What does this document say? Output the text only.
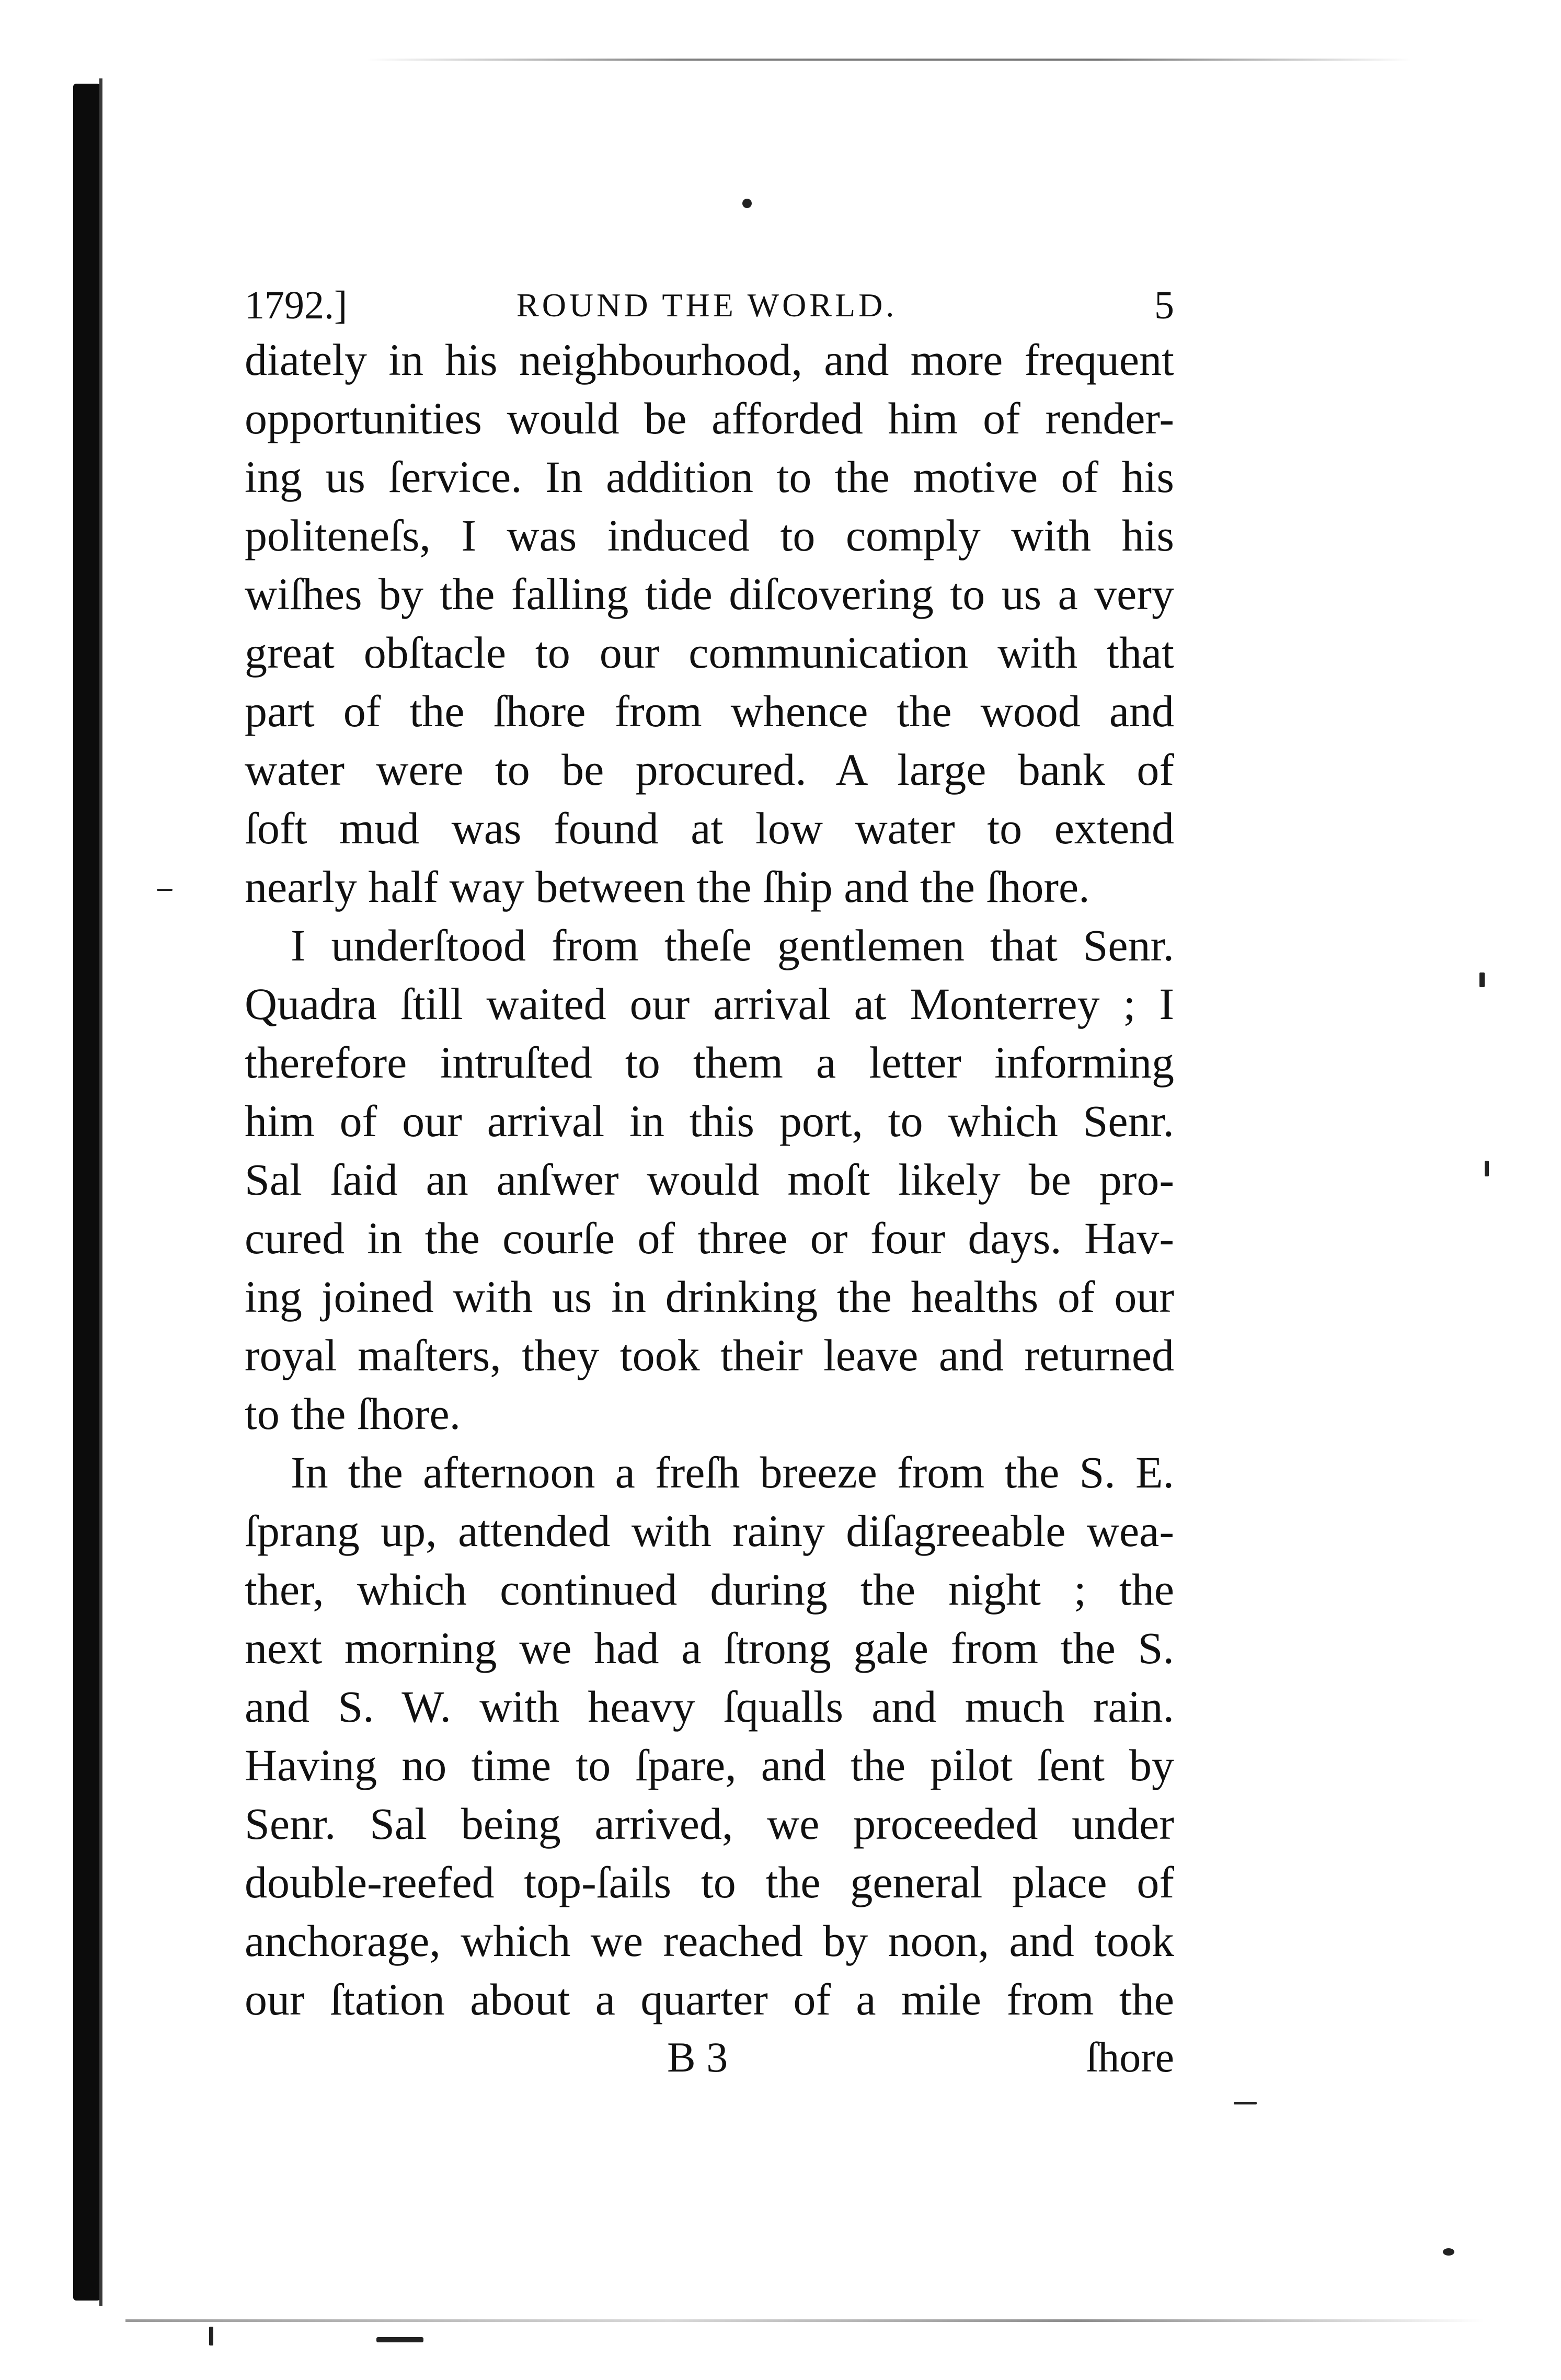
1792.]	ROUND THE WORLD.	5
diately in his neighbourhood, and more frequent
opportunities would be afforded him of render-
ing us ſervice. In addition to the motive of his
politeneſs, I was induced to comply with his
wiſhes by the falling tide diſcovering to us a very
great obſtacle to our communication with that
part of the ſhore from whence the wood and
water were to be procured. A large bank of
ſoft mud was found at low water to extend
nearly half way between the ſhip and the ſhore.
I underſtood from theſe gentlemen that Senr.
Quadra ſtill waited our arrival at Monterrey ; I
therefore intruſted to them a letter informing
him of our arrival in this port, to which Senr.
Sal ſaid an anſwer would moſt likely be pro-
cured in the courſe of three or four days. Hav-
ing joined with us in drinking the healths of our
royal maſters, they took their leave and returned
to the ſhore.
In the afternoon a freſh breeze from the S. E.
ſprang up, attended with rainy diſagreeable wea-
ther, which continued during the night ; the
next morning we had a ſtrong gale from the S.
and S. W. with heavy ſqualls and much rain.
Having no time to ſpare, and the pilot ſent by
Senr. Sal being arrived, we proceeded under
double-reefed top-ſails to the general place of
anchorage, which we reached by noon, and took
our ſtation about a quarter of a mile from the
B 3	ſhore
